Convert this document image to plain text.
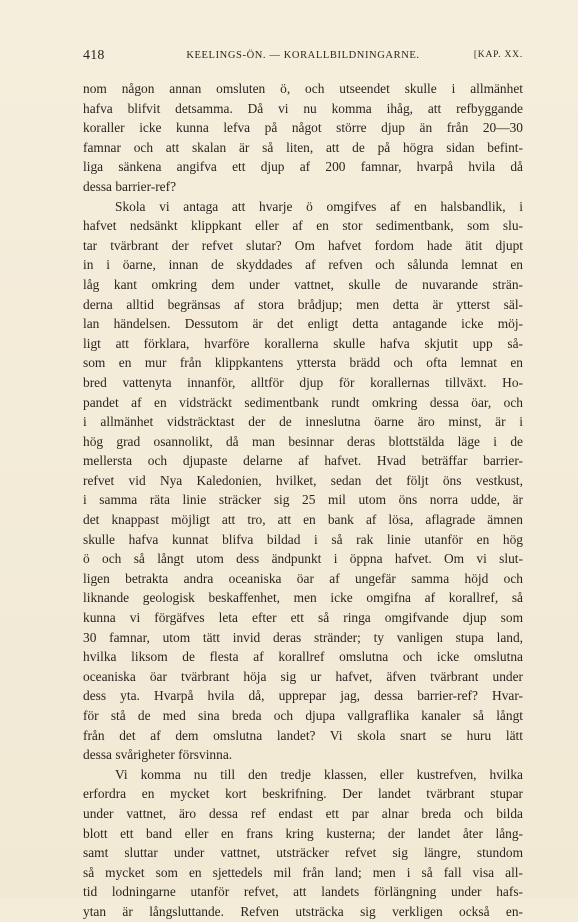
418	KEELINGS-ÖN. — KORALLBILDNINGARNE.	[KAP. XX.
nom någon annan omsluten ö, och utseendet skulle i allmänhet
hafva blifvit detsamma. Då vi nu komma ihåg, att refbyggande
koraller icke kunna lefva på något större djup än från 20—30
famnar och att skalan är så liten, att de på högra sidan befint-
liga sänkena angifva ett djup af 200 famnar, hvarpå hvila då
dessa barrier-ref?
Skola vi antaga att hvarje ö omgifves af en halsbandlik, i
hafvet nedsänkt klippkant eller af en stor sedimentbank, som slu-
tar tvärbrant der refvet slutar? Om hafvet fordom hade ätit djupt
in i öarne, innan de skyddades af refven och sålunda lemnat en
låg kant omkring dem under vattnet, skulle de nuvarande strän-
derna alltid begränsas af stora brådjup; men detta är ytterst säl-
lan händelsen. Dessutom är det enligt detta antagande icke möj-
ligt att förklara, hvarföre korallerna skulle hafva skjutit upp så-
som en mur från klippkantens yttersta brädd och ofta lemnat en
bred vattenyta innanför, alltför djup för korallernas tillväxt. Ho-
pandet af en vidsträckt sedimentbank rundt omkring dessa öar, och
i allmänhet vidsträcktast der de inneslutna öarne äro minst, är i
hög grad osannolikt, då man besinnar deras blottstälda läge i de
mellersta och djupaste delarne af hafvet. Hvad beträffar barrier-
refvet vid Nya Kaledonien, hvilket, sedan det följt öns vestkust,
i samma räta linie sträcker sig 25 mil utom öns norra udde, är
det knappast möjligt att tro, att en bank af lösa, aflagrade ämnen
skulle hafva kunnat blifva bildad i så rak linie utanför en hög
ö och så långt utom dess ändpunkt i öppna hafvet. Om vi slut-
ligen betrakta andra oceaniska öar af ungefär samma höjd och
liknande geologisk beskaffenhet, men icke omgifna af korallref, så
kunna vi förgäfves leta efter ett så ringa omgifvande djup som
30 famnar, utom tätt invid deras stränder; ty vanligen stupa land,
hvilka liksom de flesta af korallref omslutna och icke omslutna
oceaniska öar tvärbrant höja sig ur hafvet, äfven tvärbrant under
dess yta. Hvarpå hvila då, upprepar jag, dessa barrier-ref? Hvar-
för stå de med sina breda och djupa vallgraflika kanaler så långt
från det af dem omslutna landet? Vi skola snart se huru lätt
dessa svårigheter försvinna.
Vi komma nu till den tredje klassen, eller kustrefven, hvilka
erfordra en mycket kort beskrifning. Der landet tvärbrant stupar
under vattnet, äro dessa ref endast ett par alnar breda och bilda
blott ett band eller en frans kring kusterna; der landet åter lång-
samt sluttar under vattnet, utsträcker refvet sig längre, stundom
så mycket som en sjettedels mil från land; men i så fall visa all-
tid lodningarne utanför refvet, att landets förlängning under hafs-
ytan är långsluttande. Refven utsträcka sig verkligen också en-
